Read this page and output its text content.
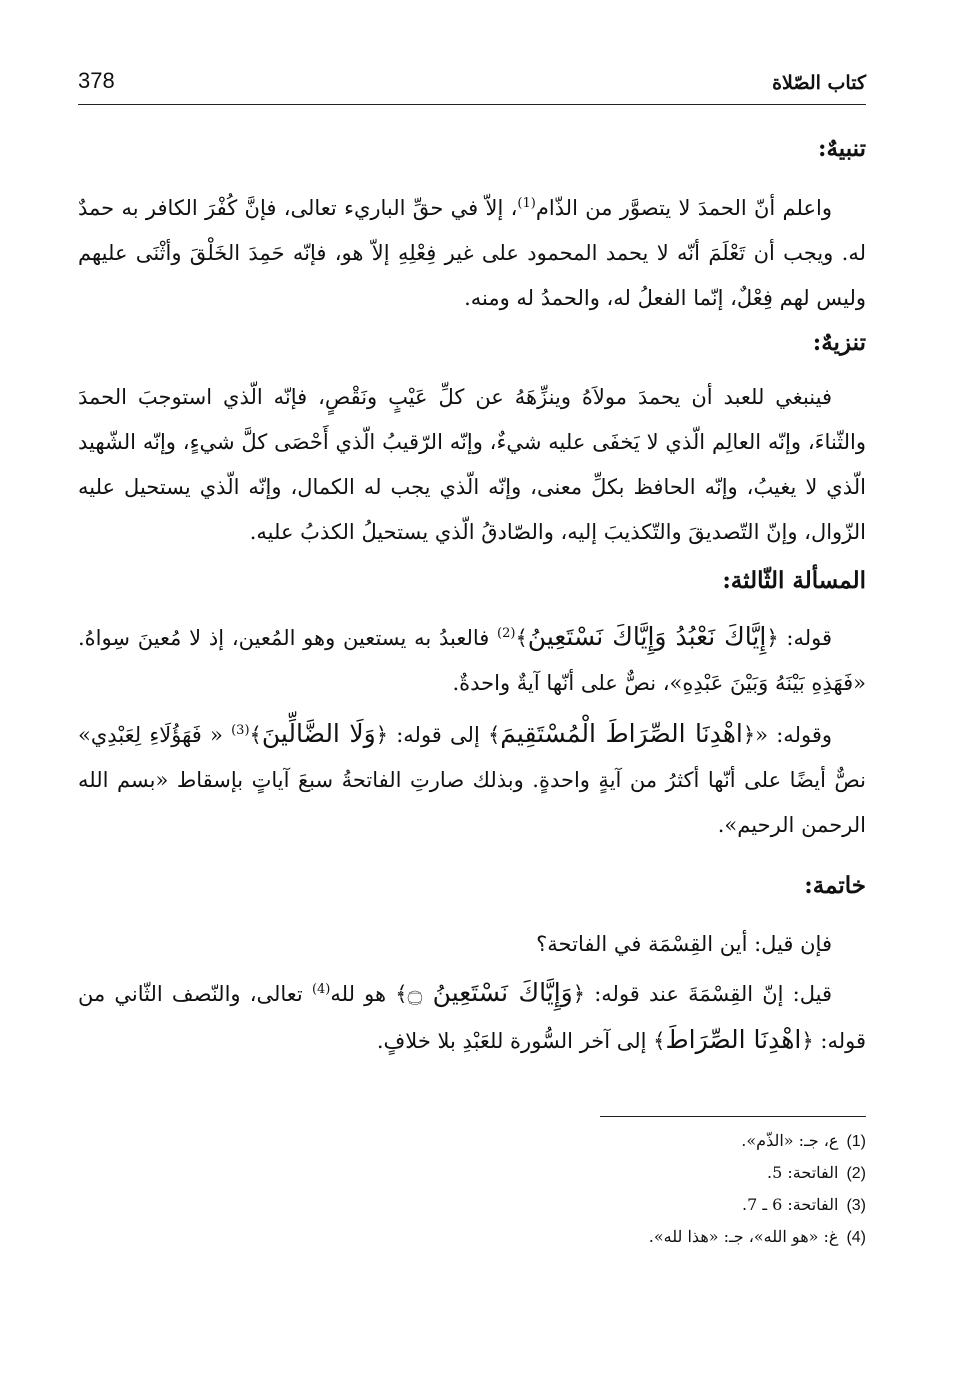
كتاب الصّلاة
378
تنبيهٌ:

واعلم أنّ الحمدَ لا يتصوَّر من الذّام$^{(1)}$، إلاّ في حقِّ الباريء تعالى، فإنَّ كُفْرَ الكافر به حمدٌ له. ويجب أن تَعْلَمَ أنّه لا يحمد المحمود على غير فِعْلِهِ إلاّ هو، فإنّه حَمِدَ الخَلْقَ وأثْنَى عليهم وليس لهم فِعْلٌ، إنّما الفعلُ له، والحمدُ له ومنه.

تنزيهٌ:

فينبغي للعبد أن يحمدَ مولاَهُ وينزِّهَهُ عن كلِّ عَيْبٍ ونَقْصٍ، فإنّه الّذي استوجبَ الحمدَ والثّناءَ، وإنّه العالِم الّذي لا يَخفَى عليه شيءٌ، وإنّه الرّقيبُ الّذي أَحْصَى كلَّ شيءٍ، وإنّه الشّهيد الّذي لا يغيبُ، وإنّه الحافظ بكلِّ معنى، وإنّه الّذي يجب له الكمال، وإنّه الّذي يستحيل عليه الزّوال، وإنّ التّصديقَ والتّكذيبَ إليه، والصّادقُ الّذي يستحيلُ الكذبُ عليه.

المسألة الثّالثة:

قوله: ﴿إِيَّاكَ نَعْبُدُ وَإِيَّاكَ نَسْتَعِينُ﴾$^{(2)}$ فالعبدُ به يستعين وهو المُعين، إذ لا مُعينَ سِواهُ. «فَهَذِهِ بَيْنَهُ وَبَيْنَ عَبْدِهِ»، نصٌّ على أنّها آيةٌ واحدةٌ.

وقوله: «﴿اهْدِنَا الصِّرَاطَ الْمُسْتَقِيمَ﴾ إلى قوله: ﴿وَلَا الضَّالِّينَ﴾$^{(3)}$ « فَهَؤُلَاءِ لِعَبْدِي» نصٌّ أيضًا على أنّها أكثرُ من آيةٍ واحدةٍ. وبذلك صارتِ الفاتحةُ سبعَ آياتٍ بإسقاط «بسم الله الرحمن الرحيم».

خاتمة:

فإن قيل: أين القِسْمَة في الفاتحة؟

قيل: إنّ القِسْمَةَ عند قوله: ﴿وَإِيَّاكَ نَسْتَعِينُ ۝﴾ هو لله$^{(4)}$ تعالى، والنّصف الثّاني من قوله: ﴿اهْدِنَا الصِّرَاطَ﴾ إلى آخر السُّورة للعَبْدِ بلا خلافٍ.

(1)ع، جـ: «الذّم».
(2)الفاتحة: 5.
(3)الفاتحة: 6 ـ 7.
(4)غ: «هو الله»، جـ: «هذا لله».
